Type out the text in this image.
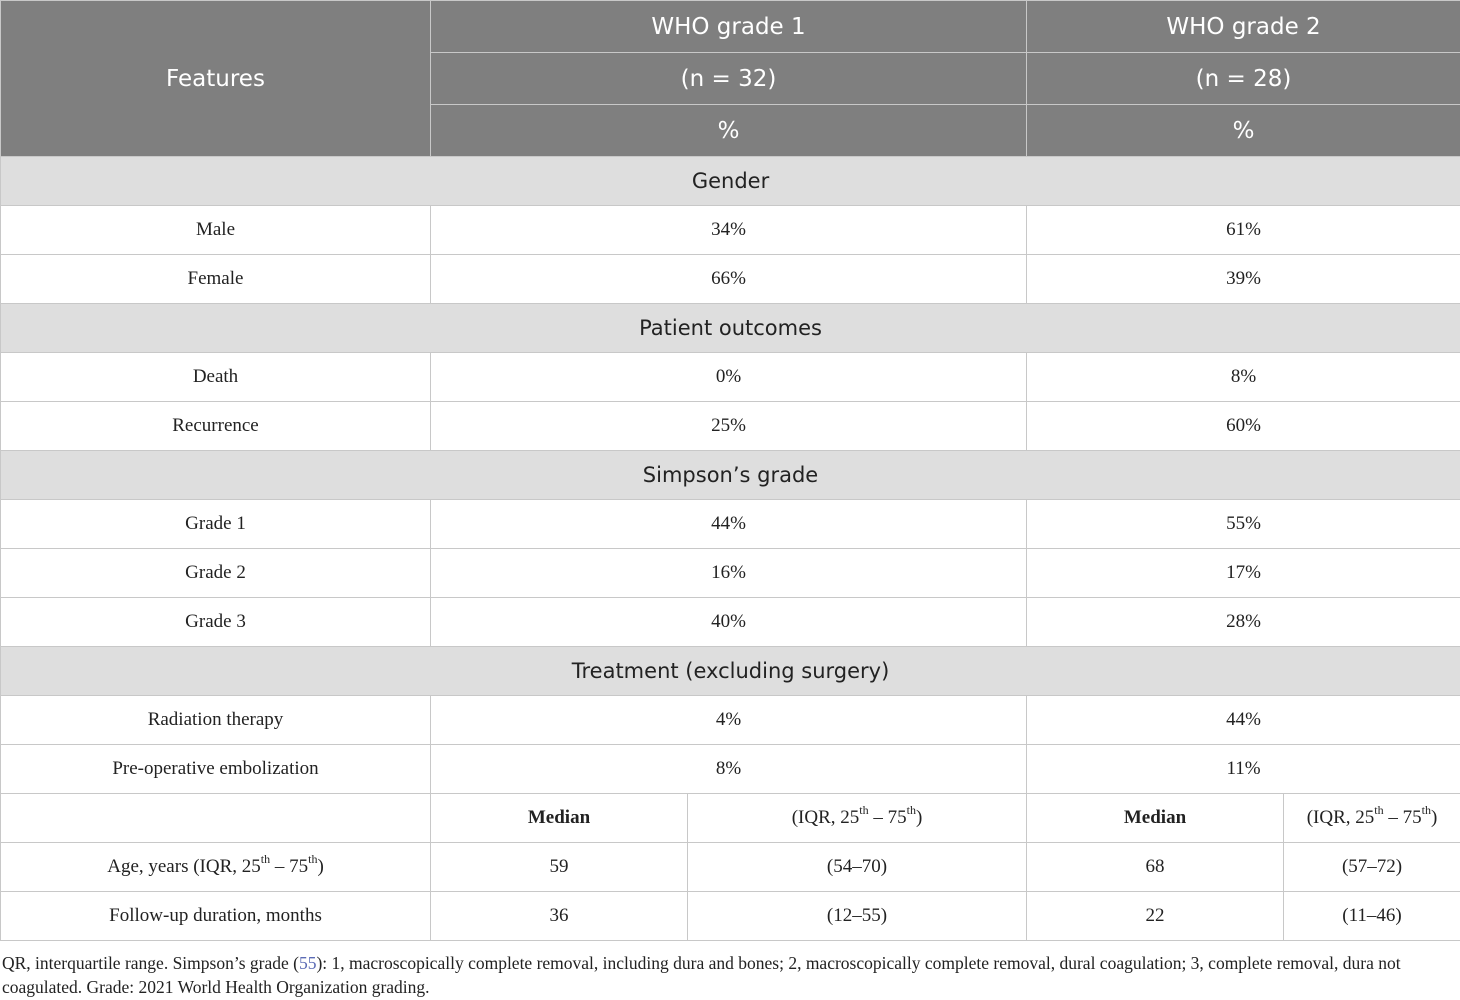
Features	WHO grade 1		WHO grade 2	
	(n = 32)		(n = 28)	
	%		%	
Gender				
Male	34%		61%	
Female	66%		39%	
Patient outcomes				
Death	0%		8%	
Recurrence	25%		60%	
Simpson’s grade				
Grade 1	44%		55%	
Grade 2	16%		17%	
Grade 3	40%		28%	
Treatment (excluding surgery)				
Radiation therapy	4%		44%	
Pre-operative embolization	8%		11%	
	Median	(IQR, 25th – 75th)	Median	(IQR, 25th – 75th)
Age, years (IQR, 25th – 75th)	59	(54–70)	68	(57–72)
Follow-up duration, months	36	(12–55)	22	(11–46)
QR, interquartile range. Simpson’s grade (55): 1, macroscopically complete removal, including dura and bones; 2, macroscopically complete removal, dural coagulation; 3, complete removal, dura not coagulated. Grade: 2021 World Health Organization grading.
